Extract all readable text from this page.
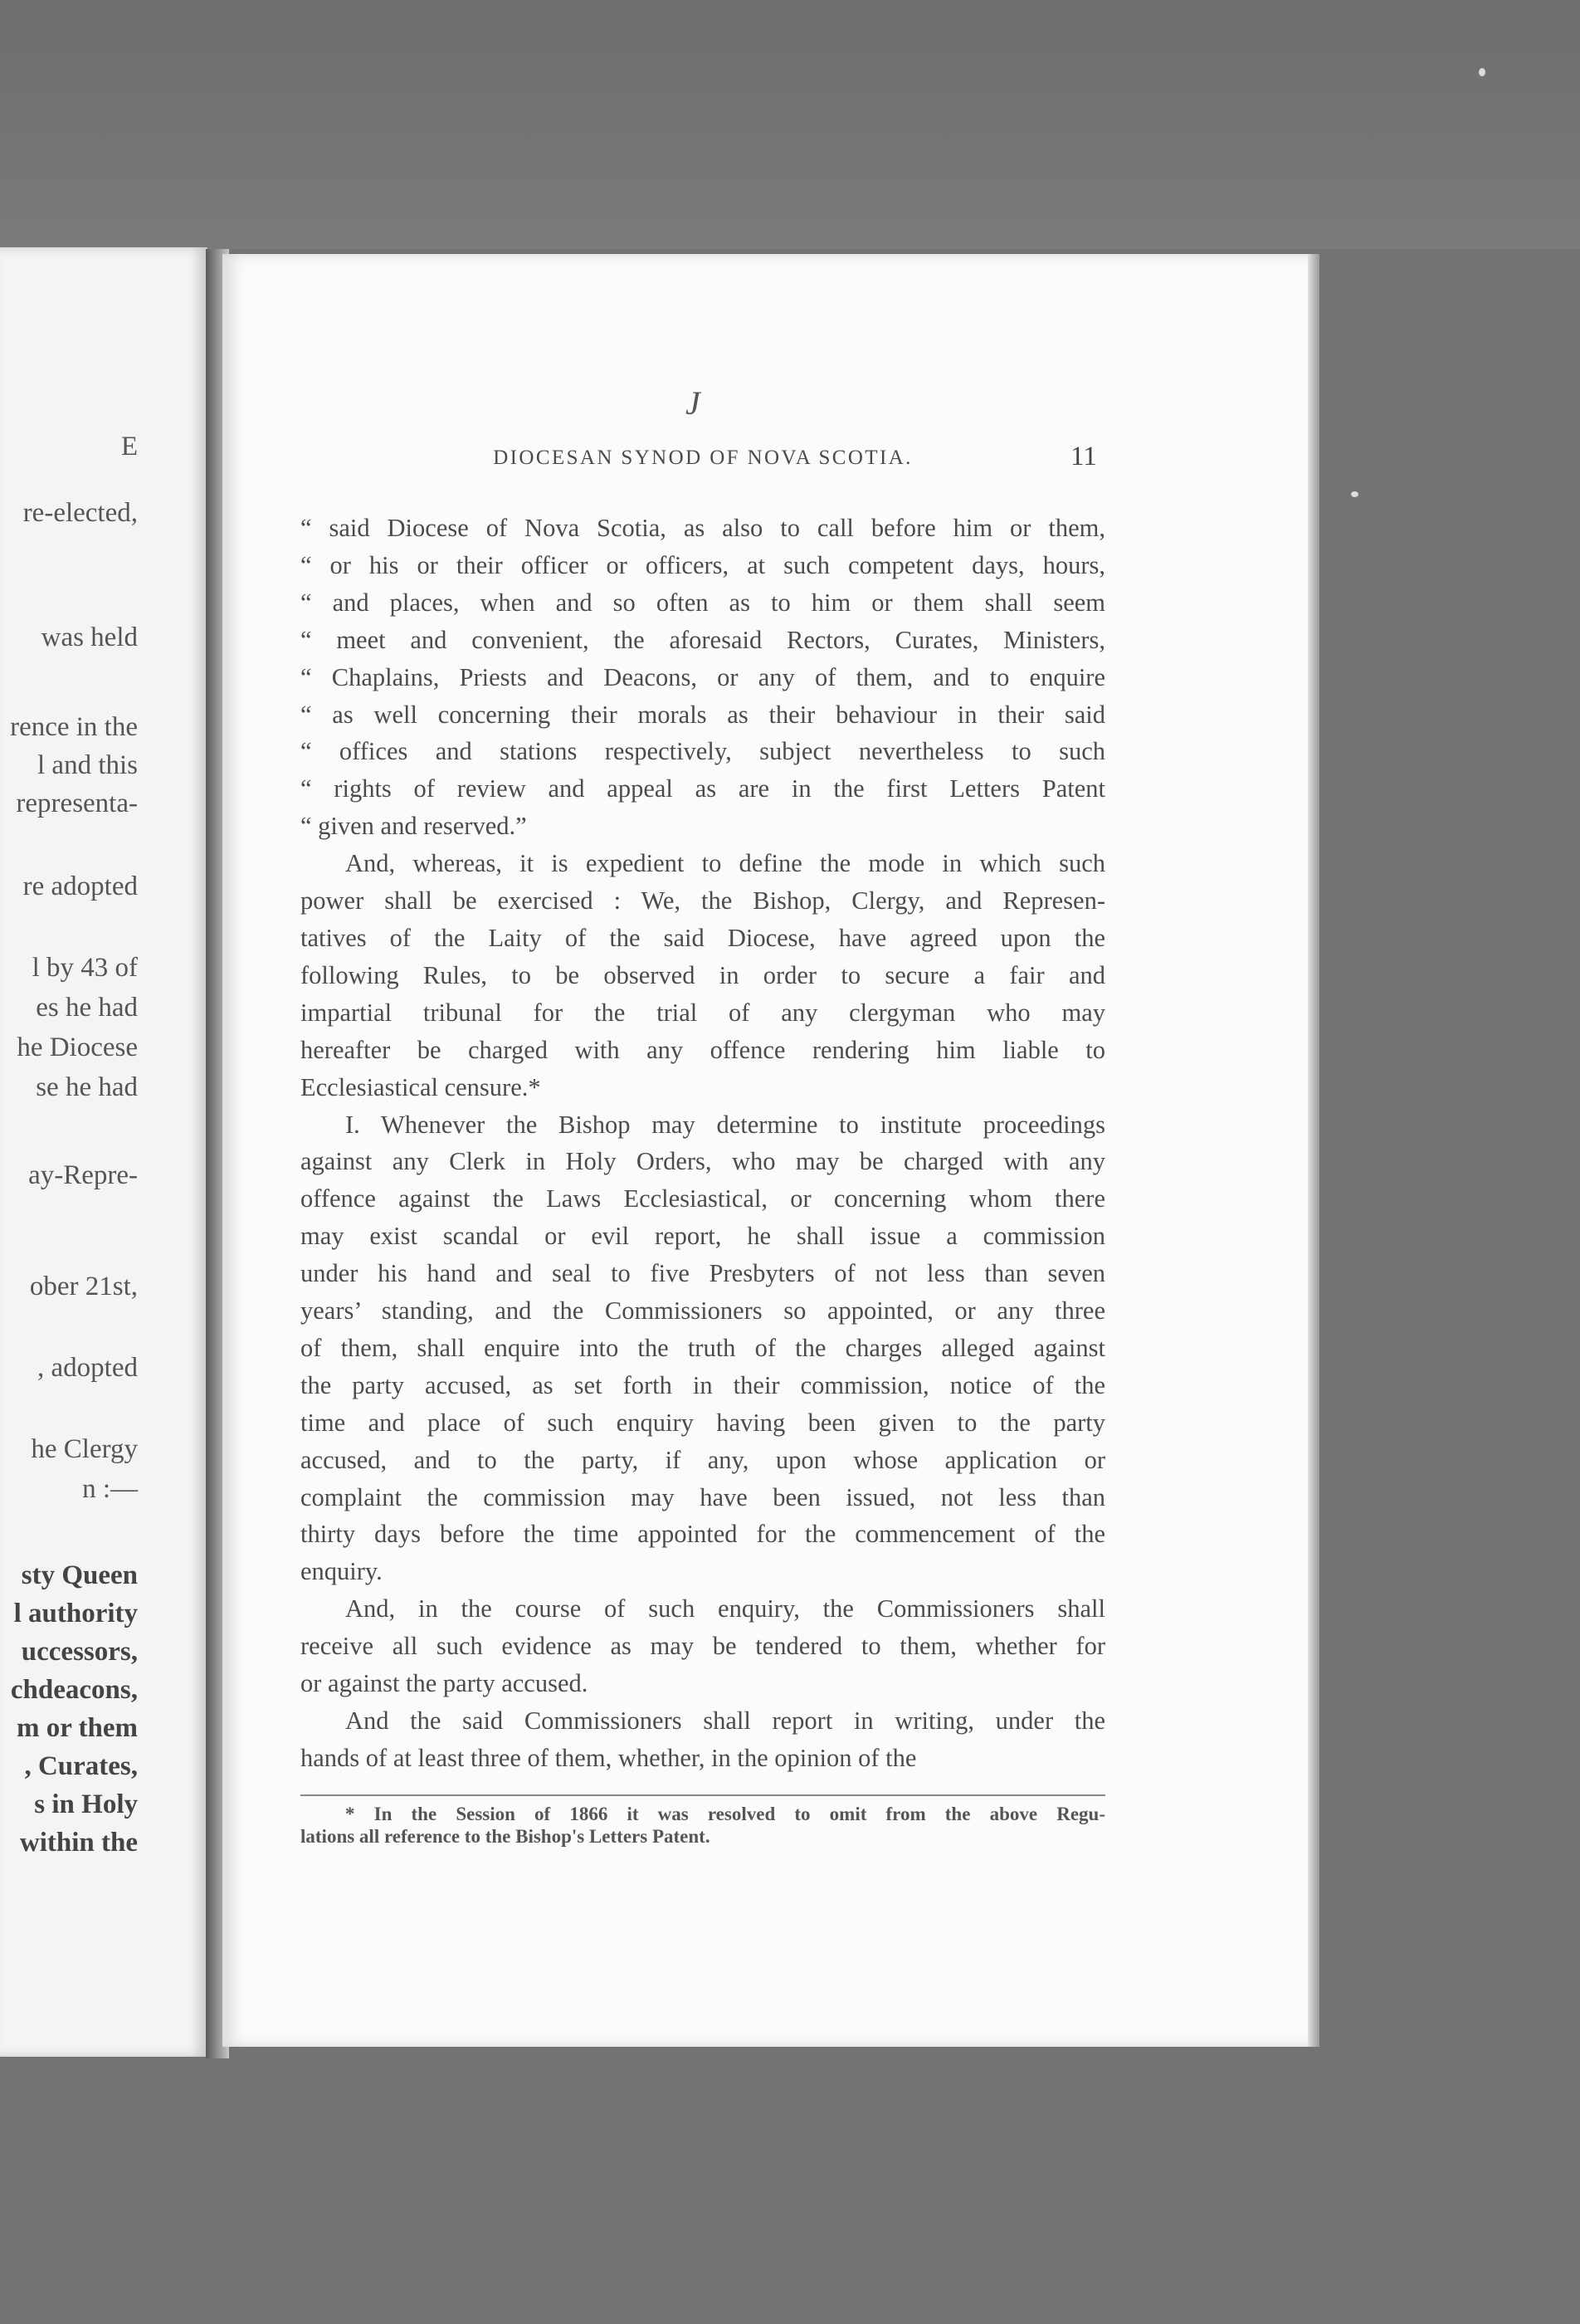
E
re-elected,
was held
rence in the
l and this
representa-
re adopted
l by 43 of
es he had
he Diocese
se he had
ay-Repre-
ober 21st,
, adopted
he Clergy
n :—
sty Queen
l authority
uccessors,
chdeacons,
m or them
, Curates,
s in Holy
within the
J
DIOCESAN SYNOD OF NOVA SCOTIA.	11
“ said Diocese of Nova Scotia, as also to call before him or them,
“ or his or their officer or officers, at such competent days, hours,
“ and places, when and so often as to him or them shall seem
“ meet and convenient, the aforesaid Rectors, Curates, Ministers,
“ Chaplains, Priests and Deacons, or any of them, and to enquire
“ as well concerning their morals as their behaviour in their said
“ offices and stations respectively, subject nevertheless to such
“ rights of review and appeal as are in the first Letters Patent
“ given and reserved.”
And, whereas, it is expedient to define the mode in which such
power shall be exercised : We, the Bishop, Clergy, and Represen-
tatives of the Laity of the said Diocese, have agreed upon the
following Rules, to be observed in order to secure a fair and
impartial tribunal for the trial of any clergyman who may
hereafter be charged with any offence rendering him liable to
Ecclesiastical censure.*
I. Whenever the Bishop may determine to institute proceedings
against any Clerk in Holy Orders, who may be charged with any
offence against the Laws Ecclesiastical, or concerning whom there
may exist scandal or evil report, he shall issue a commission
under his hand and seal to five Presbyters of not less than seven
years’ standing, and the Commissioners so appointed, or any three
of them, shall enquire into the truth of the charges alleged against
the party accused, as set forth in their commission, notice of the
time and place of such enquiry having been given to the party
accused, and to the party, if any, upon whose application or
complaint the commission may have been issued, not less than
thirty days before the time appointed for the commencement of the
enquiry.
And, in the course of such enquiry, the Commissioners shall
receive all such evidence as may be tendered to them, whether for
or against the party accused.
And the said Commissioners shall report in writing, under the
hands of at least three of them, whether, in the opinion of the
* In the Session of 1866 it was resolved to omit from the above Regu-
lations all reference to the Bishop's Letters Patent.
